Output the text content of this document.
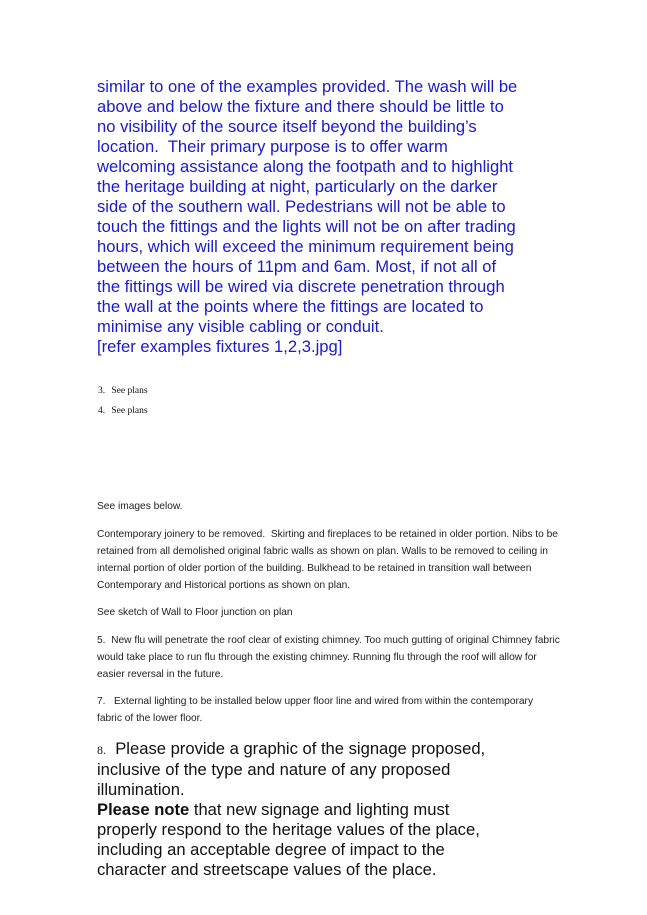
similar to one of the examples provided. The wash will be
above and below the fixture and there should be little to
no visibility of the source itself beyond the building’s
location.  Their primary purpose is to offer warm
welcoming assistance along the footpath and to highlight
the heritage building at night, particularly on the darker
side of the southern wall. Pedestrians will not be able to
touch the fittings and the lights will not be on after trading
hours, which will exceed the minimum requirement being
between the hours of 11pm and 6am. Most, if not all of
the fittings will be wired via discrete penetration through
the wall at the points where the fittings are located to
minimise any visible cabling or conduit.
[refer examples fixtures 1,2,3.jpg]
3. See plans
4. See plans

See images below.

Contemporary joinery to be removed.  Skirting and fireplaces to be retained in older portion. Nibs to be
retained from all demolished original fabric walls as shown on plan. Walls to be removed to ceiling in
internal portion of older portion of the building. Bulkhead to be retained in transition wall between
Contemporary and Historical portions as shown on plan.

See sketch of Wall to Floor junction on plan

5.  New flu will penetrate the roof clear of existing chimney. Too much gutting of original Chimney fabric
would take place to run flu through the existing chimney. Running flu through the roof will allow for
easier reversal in the future.
7.   External lighting to be installed below upper floor line and wired from within the contemporary
fabric of the lower floor.
8. Please provide a graphic of the signage proposed,
inclusive of the type and nature of any proposed
illumination.
Please note that new signage and lighting must
properly respond to the heritage values of the place,
including an acceptable degree of impact to the
character and streetscape values of the place.
